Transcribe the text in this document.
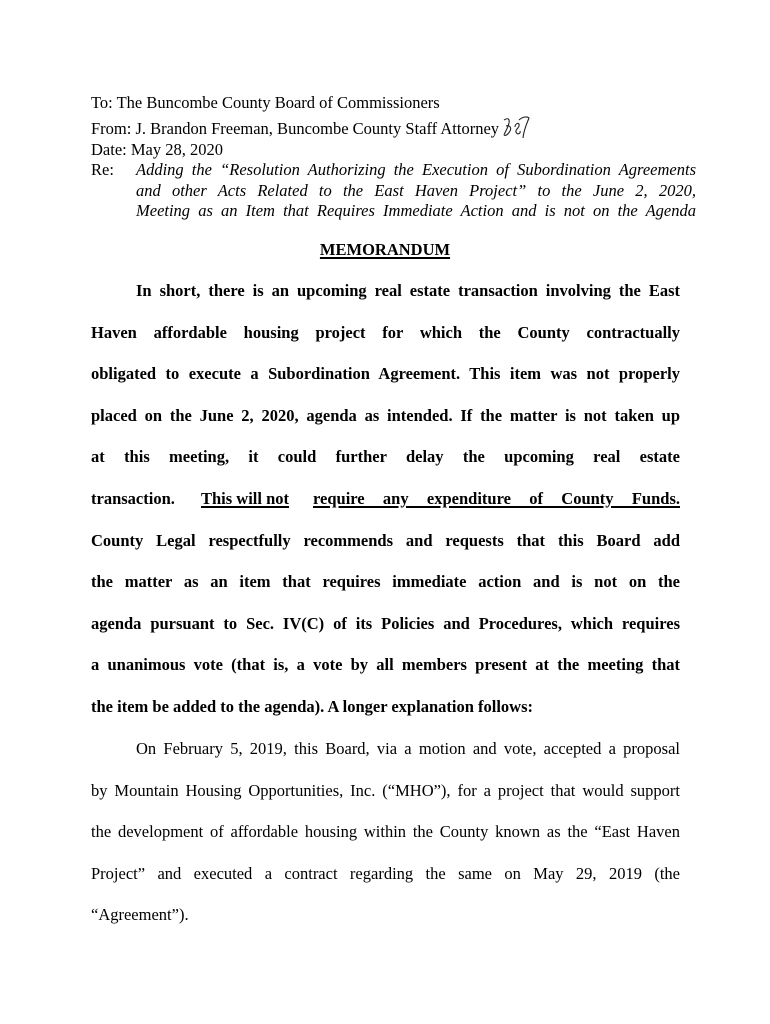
To: The Buncombe County Board of Commissioners
From: J. Brandon Freeman, Buncombe County Staff Attorney
Date: May 28, 2020
Re:	Adding the “Resolution Authorizing the Execution of Subordination Agreements
and other Acts Related to the East Haven Project” to the June 2, 2020,
Meeting as an Item that Requires Immediate Action and is not on the Agenda
MEMORANDUM
In short, there is an upcoming real estate transaction involving the East
Haven affordable housing project for which the County contractually
obligated to execute a Subordination Agreement. This item was not properly
placed on the June 2, 2020, agenda as intended. If the matter is not taken up
at this meeting, it could further delay the upcoming real estate
transaction. This will not require any expenditure of County Funds.
County Legal respectfully recommends and requests that this Board add
the matter as an item that requires immediate action and is not on the
agenda pursuant to Sec. IV(C) of its Policies and Procedures, which requires
a unanimous vote (that is, a vote by all members present at the meeting that
the item be added to the agenda). A longer explanation follows:
On February 5, 2019, this Board, via a motion and vote, accepted a proposal
by Mountain Housing Opportunities, Inc. (“MHO”), for a project that would support
the development of affordable housing within the County known as the “East Haven
Project” and executed a contract regarding the same on May 29, 2019 (the
“Agreement”).
